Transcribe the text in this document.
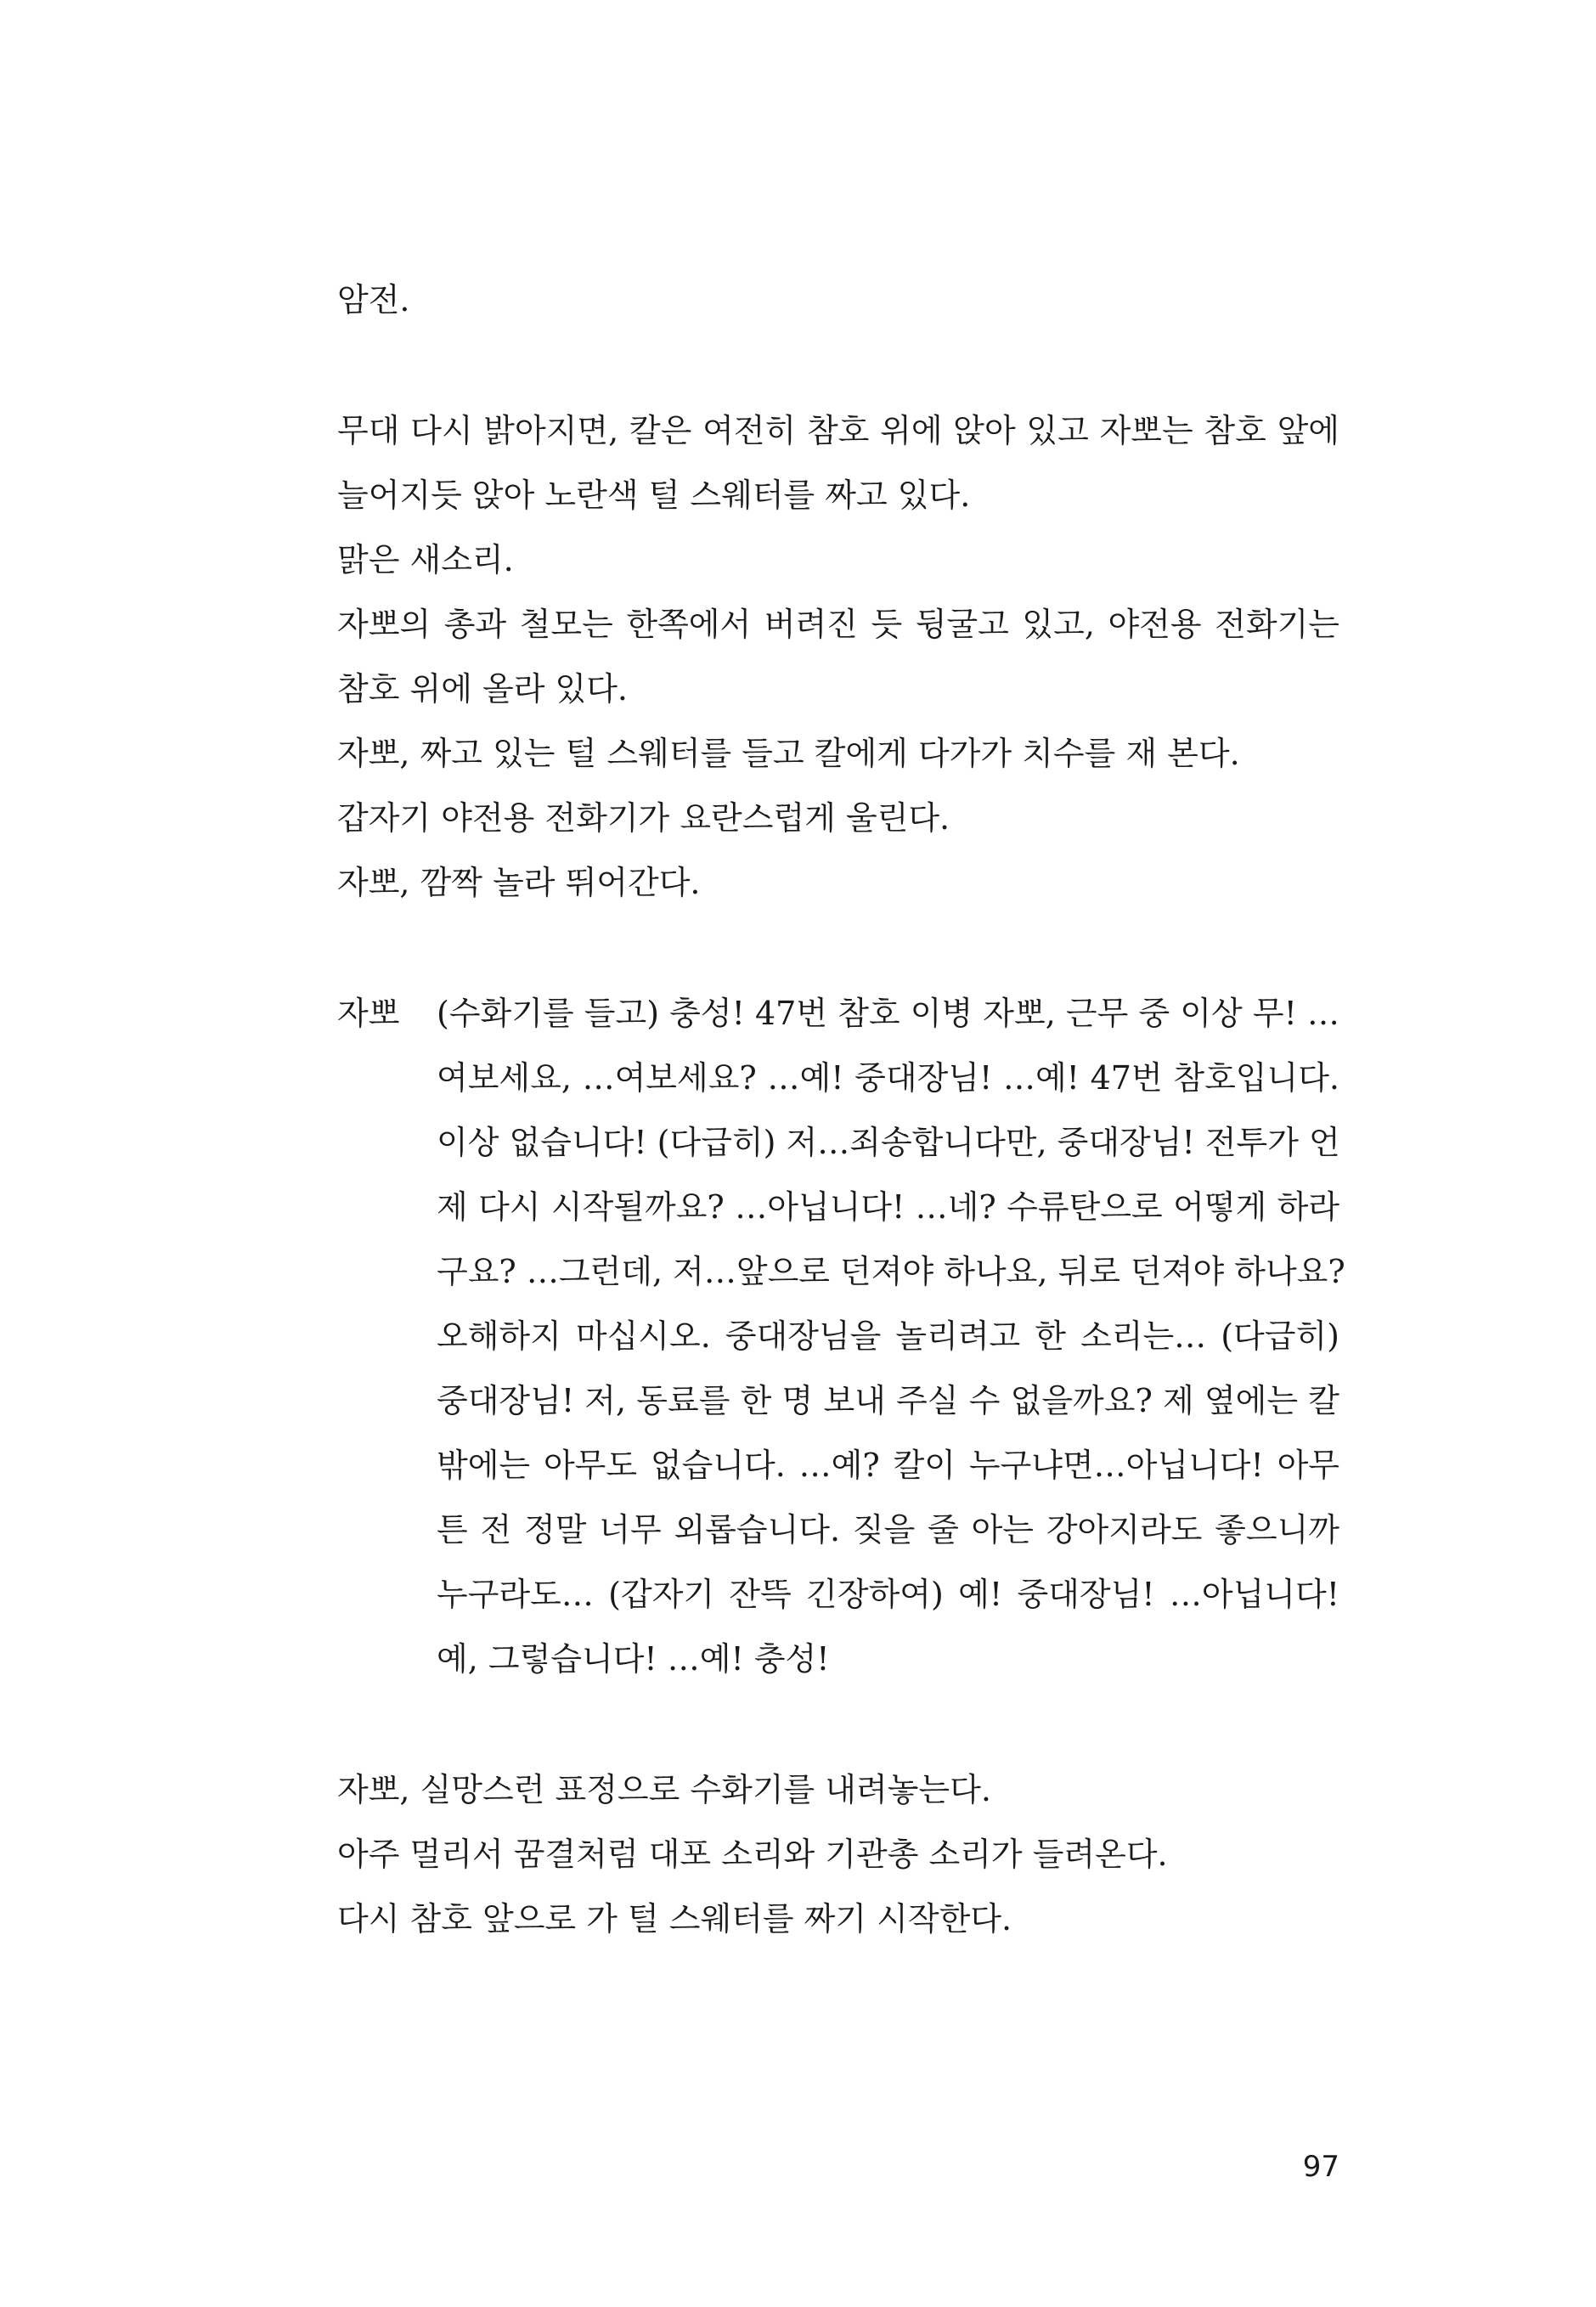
암전.
무대 다시 밝아지면, 칼은 여전히 참호 위에 앉아 있고 자뽀는 참호 앞에
늘어지듯 앉아 노란색 털 스웨터를 짜고 있다.
맑은 새소리.
자뽀의 총과 철모는 한쪽에서 버려진 듯 뒹굴고 있고, 야전용 전화기는
참호 위에 올라 있다.
자뽀, 짜고 있는 털 스웨터를 들고 칼에게 다가가 치수를 재 본다.
갑자기 야전용 전화기가 요란스럽게 울린다.
자뽀, 깜짝 놀라 뛰어간다.
자뽀 (수화기를 들고) 충성! 47번 참호 이병 자뽀, 근무 중 이상 무! …
여보세요, …여보세요? …예! 중대장님! …예! 47번 참호입니다.
이상 없습니다! (다급히) 저…죄송합니다만, 중대장님! 전투가 언
제 다시 시작될까요? …아닙니다! …네? 수류탄으로 어떻게 하라
구요? …그런데, 저…앞으로 던져야 하나요, 뒤로 던져야 하나요?
오해하지 마십시오. 중대장님을 놀리려고 한 소리는… (다급히)
중대장님! 저, 동료를 한 명 보내 주실 수 없을까요? 제 옆에는 칼
밖에는 아무도 없습니다. …예? 칼이 누구냐면…아닙니다! 아무
튼 전 정말 너무 외롭습니다. 짖을 줄 아는 강아지라도 좋으니까
누구라도… (갑자기 잔뜩 긴장하여) 예! 중대장님! …아닙니다!
예, 그렇습니다! …예! 충성!
자뽀, 실망스런 표정으로 수화기를 내려놓는다.
아주 멀리서 꿈결처럼 대포 소리와 기관총 소리가 들려온다.
다시 참호 앞으로 가 털 스웨터를 짜기 시작한다.
97
